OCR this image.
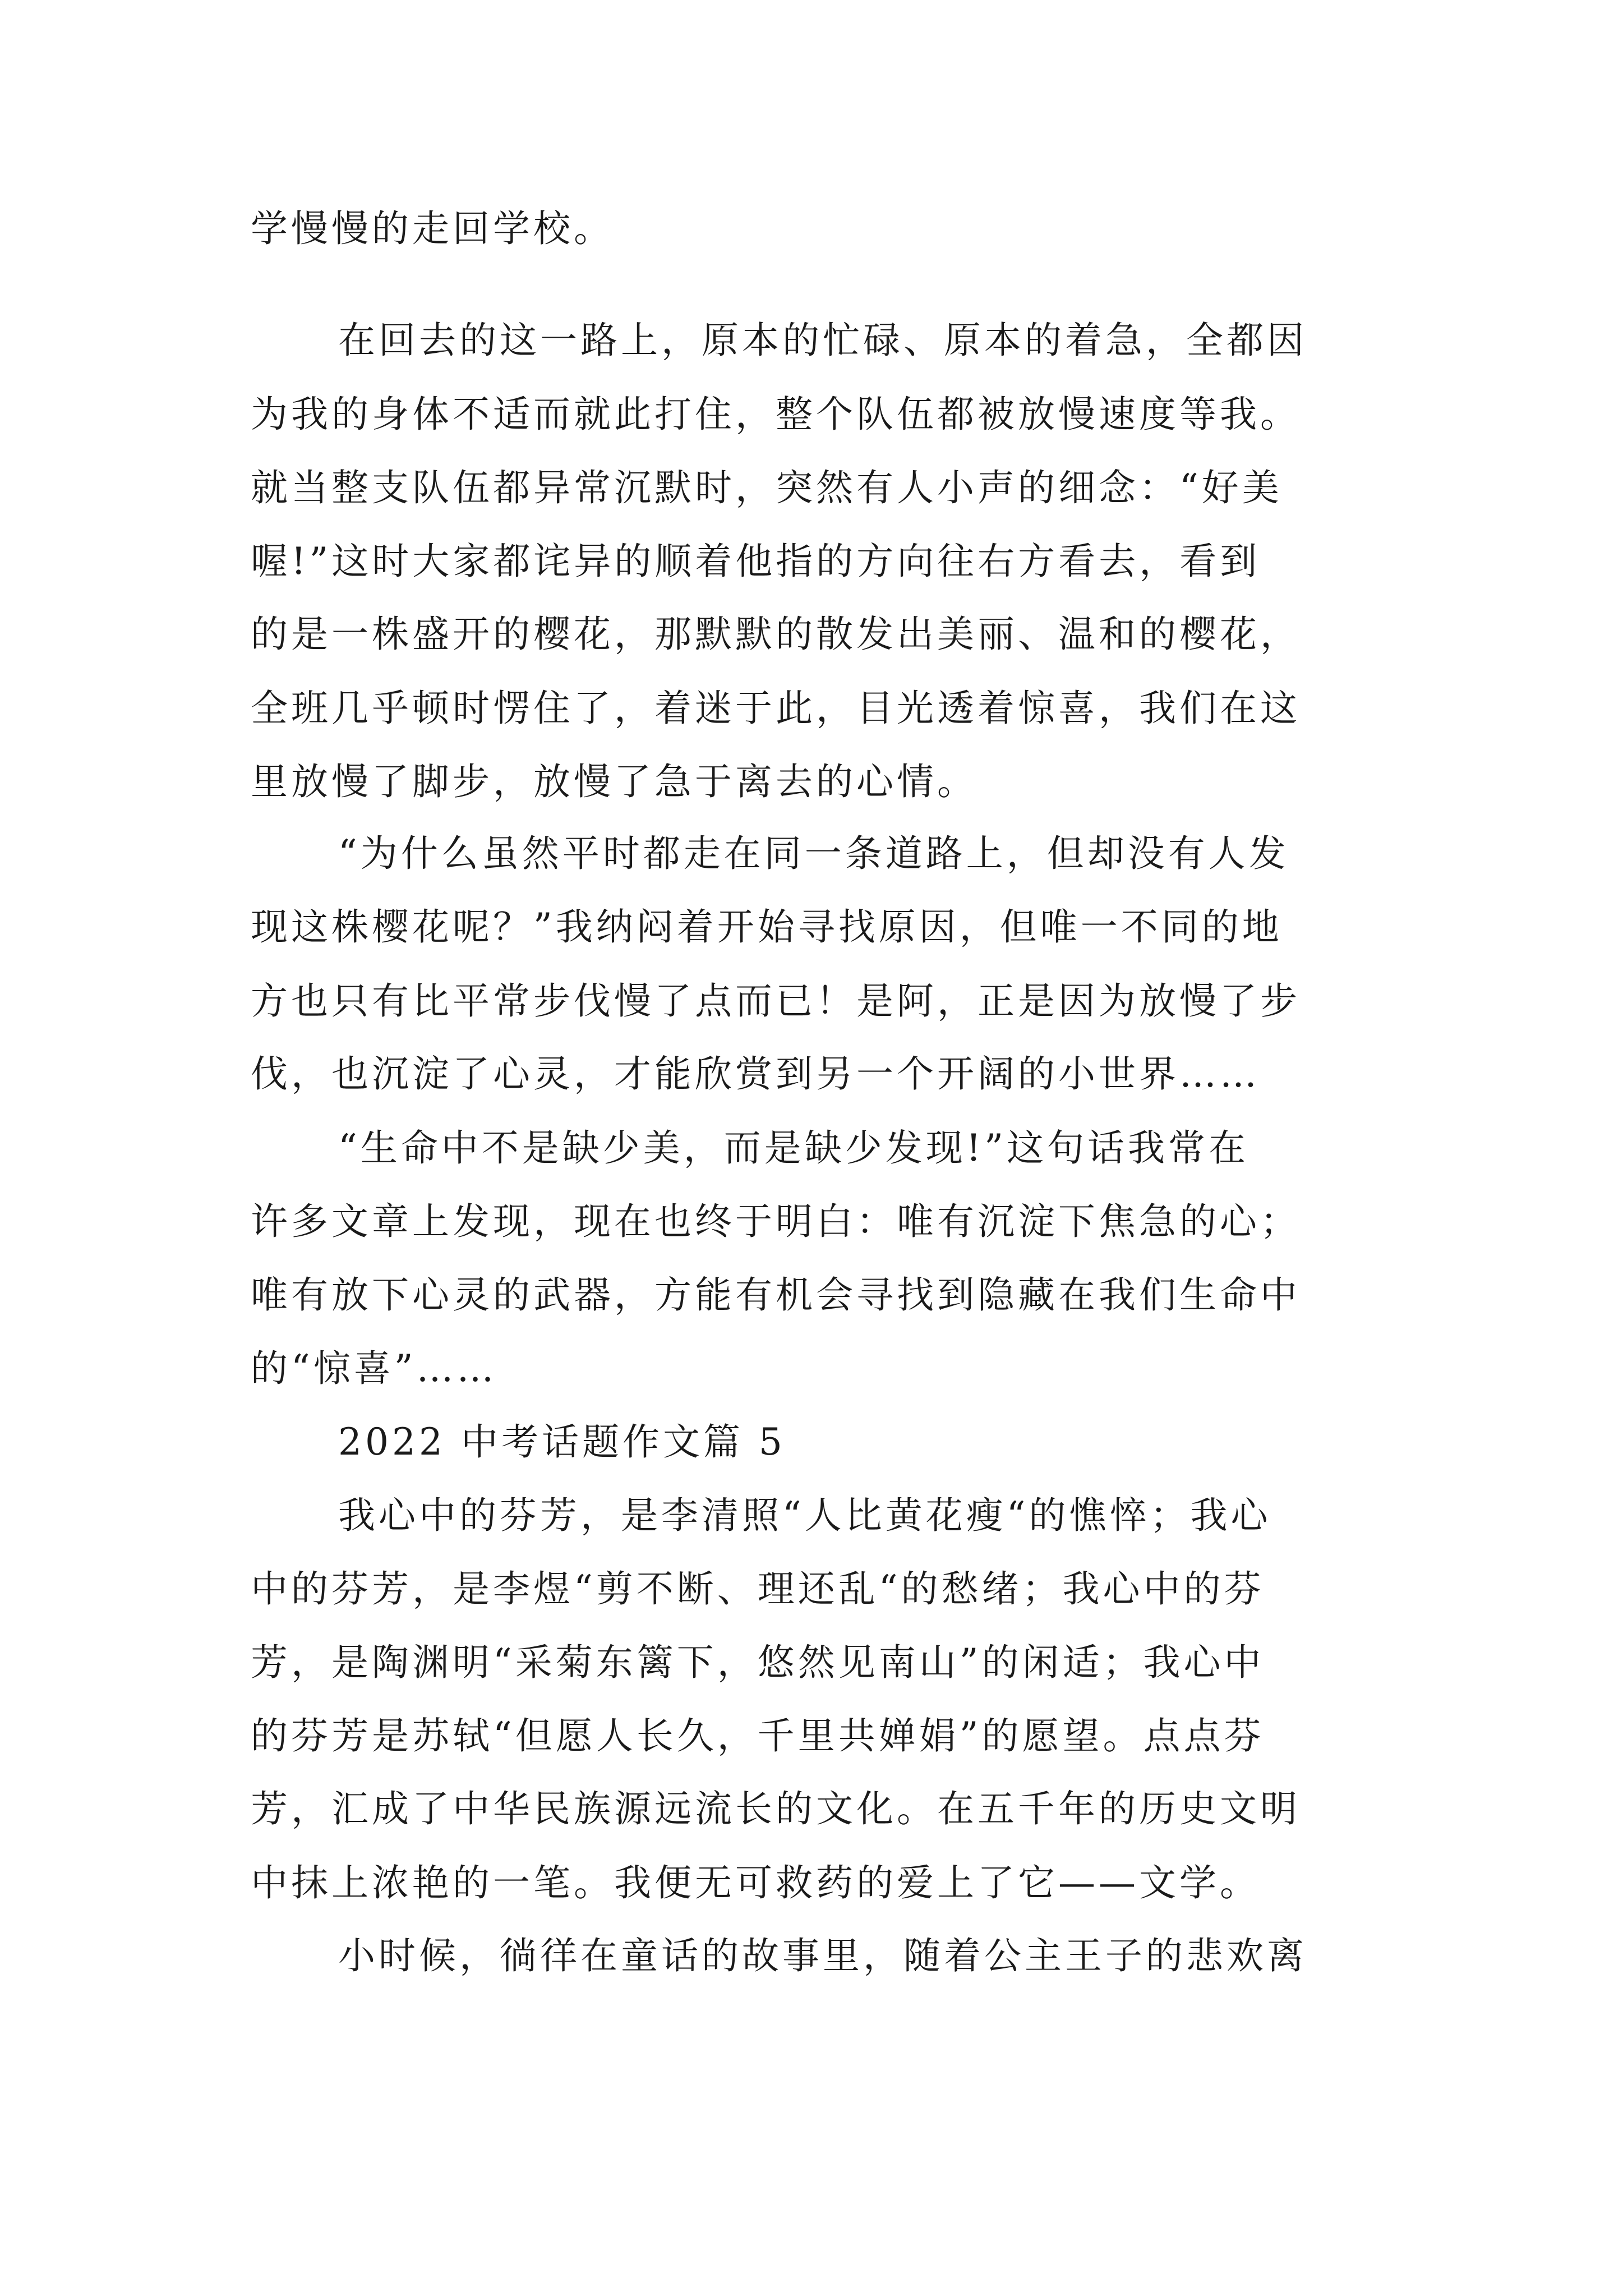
学慢慢的走回学校。
在回去的这一路上，原本的忙碌、原本的着急，全都因
为我的身体不适而就此打住，整个队伍都被放慢速度等我。
就当整支队伍都异常沉默时，突然有人小声的细念：“好美
喔!”这时大家都诧异的顺着他指的方向往右方看去，看到
的是一株盛开的樱花，那默默的散发出美丽、温和的樱花，
全班几乎顿时愣住了，着迷于此，目光透着惊喜，我们在这
里放慢了脚步，放慢了急于离去的心情。
“为什么虽然平时都走在同一条道路上，但却没有人发
现这株樱花呢？”我纳闷着开始寻找原因，但唯一不同的地
方也只有比平常步伐慢了点而已！是阿，正是因为放慢了步
伐，也沉淀了心灵，才能欣赏到另一个开阔的小世界……
“生命中不是缺少美，而是缺少发现!”这句话我常在
许多文章上发现，现在也终于明白：唯有沉淀下焦急的心；
唯有放下心灵的武器，方能有机会寻找到隐藏在我们生命中
的“惊喜”……
2022 中考话题作文篇 5
我心中的芬芳，是李清照“人比黄花瘦“的憔悴；我心
中的芬芳，是李煜“剪不断、理还乱“的愁绪；我心中的芬
芳，是陶渊明“采菊东篱下，悠然见南山”的闲适；我心中
的芬芳是苏轼“但愿人长久，千里共婵娟”的愿望。点点芬
芳，汇成了中华民族源远流长的文化。在五千年的历史文明
中抹上浓艳的一笔。我便无可救药的爱上了它——文学。
小时候，徜徉在童话的故事里，随着公主王子的悲欢离
